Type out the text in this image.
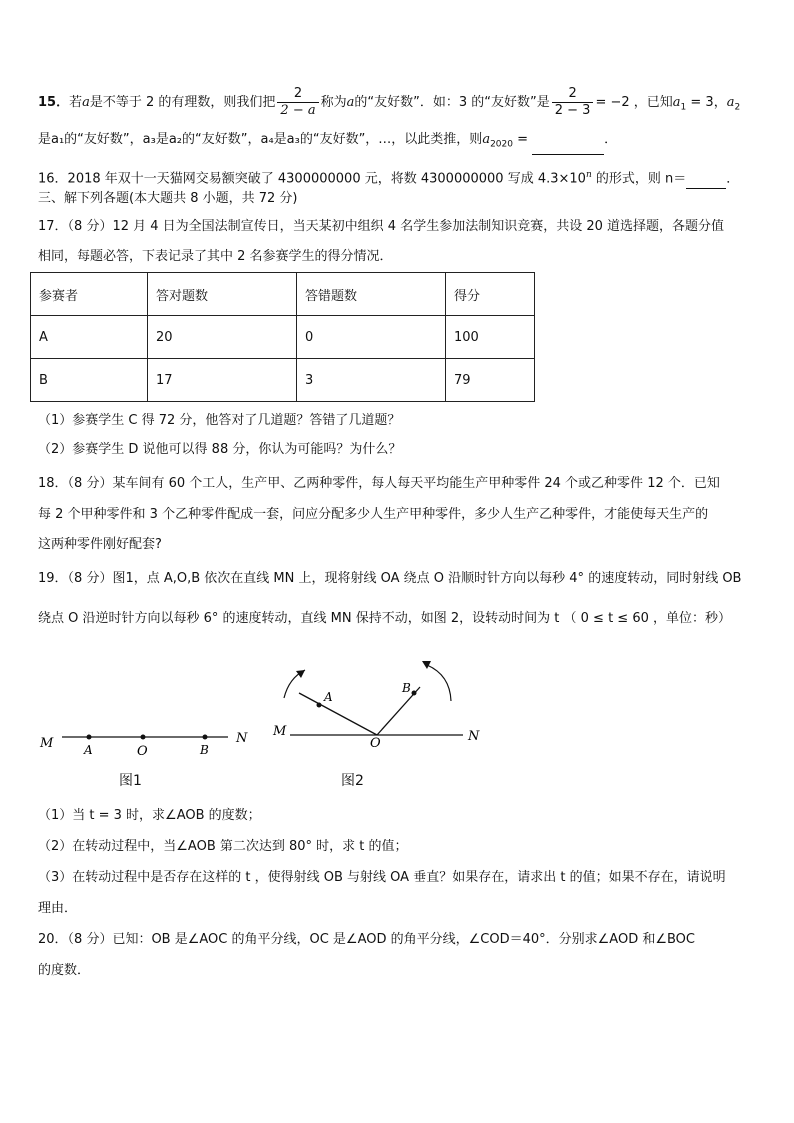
15．若a是不等于 2 的有理数，则我们把 $\frac{2}{2 - a}$ 称为a的“友好数”．如：3 的“友好数”是 $\frac{2}{2 - 3} = -2$ ，已知$a_1 = 3$，$a_2$
是a₁的“友好数”，a₃是a₂的“友好数”，a₄是a₃的“友好数”，…，以此类推，则$a_{2020}$ =	．
16．2018 年双十一天猫网交易额突破了 4300000000 元，将数 4300000000 写成 $4.3\times 10^n$ 的形式，则 n＝	．
三、解下列各题(本大题共 8 小题，共 72 分)
17．（8 分）12 月 4 日为全国法制宣传日，当天某初中组织 4 名学生参加法制知识竞赛，共设 20 道选择题，各题分值
相同，每题必答，下表记录了其中 2 名参赛学生的得分情况．
参赛者	答对题数	答错题数	得分
A	20	0	100
B	17	3	79
（1）参赛学生 C 得 72 分，他答对了几道题？答错了几道题？
（2）参赛学生 D 说他可以得 88 分，你认为可能吗？为什么？
18．（8 分）某车间有 60 个工人，生产甲、乙两种零件，每人每天平均能生产甲种零件 24 个或乙种零件 12 个．已知
每 2 个甲种零件和 3 个乙种零件配成一套，问应分配多少人生产甲种零件，多少人生产乙种零件，才能使每天生产的
这两种零件刚好配套?
19．（8 分）图1，点 A,O,B 依次在直线 MN 上，现将射线 OA 绕点 O 沿顺时针方向以每秒 4° 的速度转动，同时射线 OB
绕点 O 沿逆时针方向以每秒 6° 的速度转动，直线 MN 保持不动，如图 2，设转动时间为 t （ 0 ≤ t ≤ 60 ，单位：秒）
M	A	O	B
N
图1
M
A
O
B
N
图2
（1）当 t = 3 时，求∠AOB 的度数；
（2）在转动过程中，当∠AOB 第二次达到 80° 时，求 t 的值；
（3）在转动过程中是否存在这样的 t ，使得射线 OB 与射线 OA 垂直？如果存在，请求出 t 的值；如果不存在，请说明
理由．
20．（8 分）已知：OB 是∠AOC 的角平分线，OC 是∠AOD 的角平分线，∠COD＝40°．分别求∠AOD 和∠BOC
的度数．
